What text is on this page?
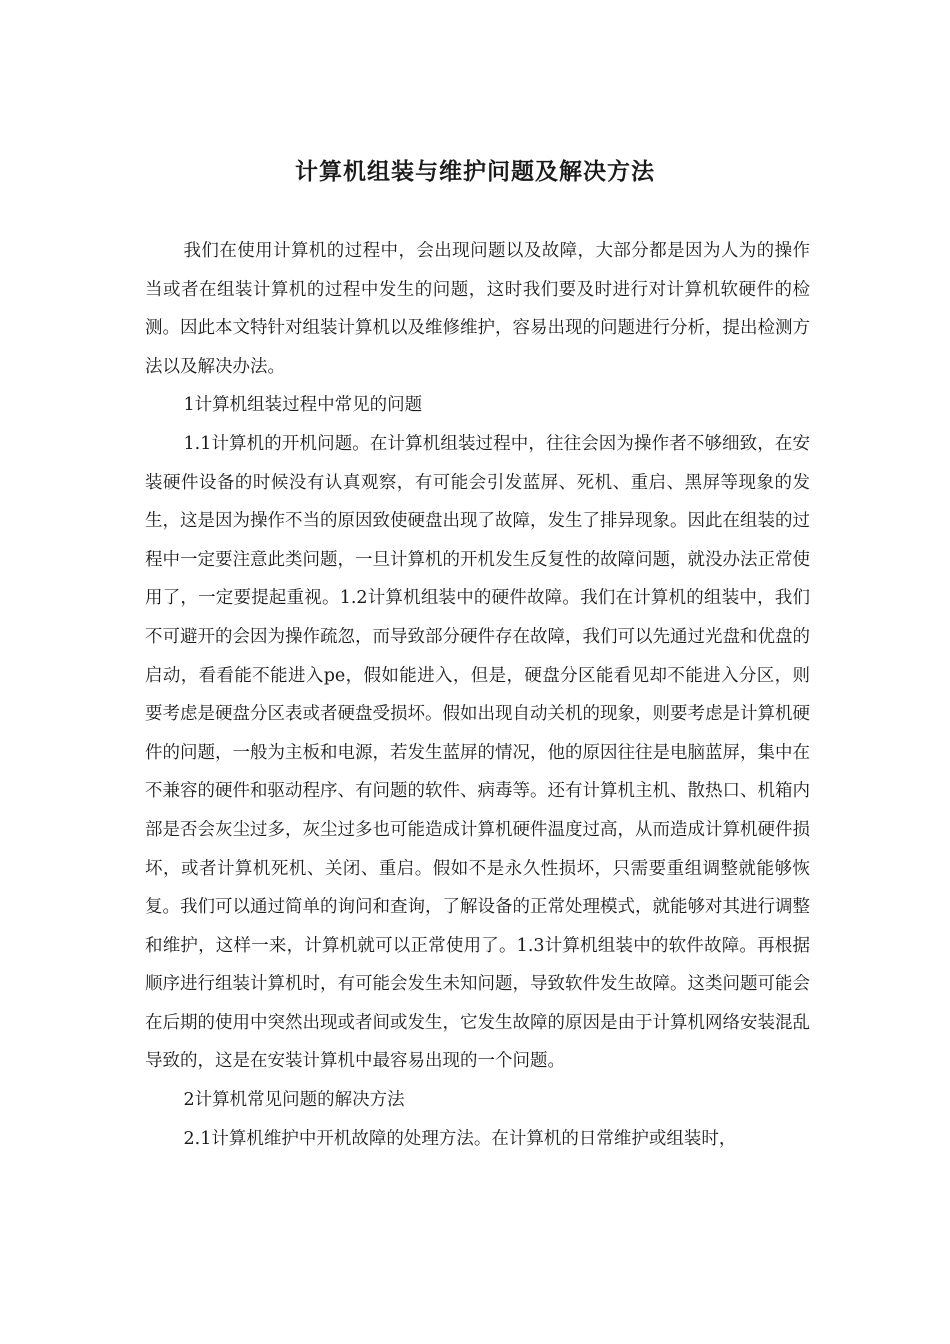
计算机组装与维护问题及解决方法

我们在使用计算机的过程中，会出现问题以及故障，大部分都是因为人为的操作当或者在组装计算机的过程中发生的问题，这时我们要及时进行对计算机软硬件的检测。因此本文特针对组装计算机以及维修维护，容易出现的问题进行分析，提出检测方法以及解决办法。

1计算机组装过程中常见的问题

1.1计算机的开机问题。在计算机组装过程中，往往会因为操作者不够细致，在安装硬件设备的时候没有认真观察，有可能会引发蓝屏、死机、重启、黑屏等现象的发生，这是因为操作不当的原因致使硬盘出现了故障，发生了排异现象。因此在组装的过程中一定要注意此类问题，一旦计算机的开机发生反复性的故障问题，就没办法正常使用了，一定要提起重视。1.2计算机组装中的硬件故障。我们在计算机的组装中，我们不可避开的会因为操作疏忽，而导致部分硬件存在故障，我们可以先通过光盘和优盘的启动，看看能不能进入pe，假如能进入，但是，硬盘分区能看见却不能进入分区，则要考虑是硬盘分区表或者硬盘受损坏。假如出现自动关机的现象，则要考虑是计算机硬件的问题，一般为主板和电源，若发生蓝屏的情况，他的原因往往是电脑蓝屏，集中在不兼容的硬件和驱动程序、有问题的软件、病毒等。还有计算机主机、散热口、机箱内部是否会灰尘过多，灰尘过多也可能造成计算机硬件温度过高，从而造成计算机硬件损坏，或者计算机死机、关闭、重启。假如不是永久性损坏，只需要重组调整就能够恢复。我们可以通过简单的询问和查询，了解设备的正常处理模式，就能够对其进行调整和维护，这样一来，计算机就可以正常使用了。1.3计算机组装中的软件故障。再根据顺序进行组装计算机时，有可能会发生未知问题，导致软件发生故障。这类问题可能会在后期的使用中突然出现或者间或发生，它发生故障的原因是由于计算机网络安装混乱导致的，这是在安装计算机中最容易出现的一个问题。

2计算机常见问题的解决方法

2.1计算机维护中开机故障的处理方法。在计算机的日常维护或组装时，
